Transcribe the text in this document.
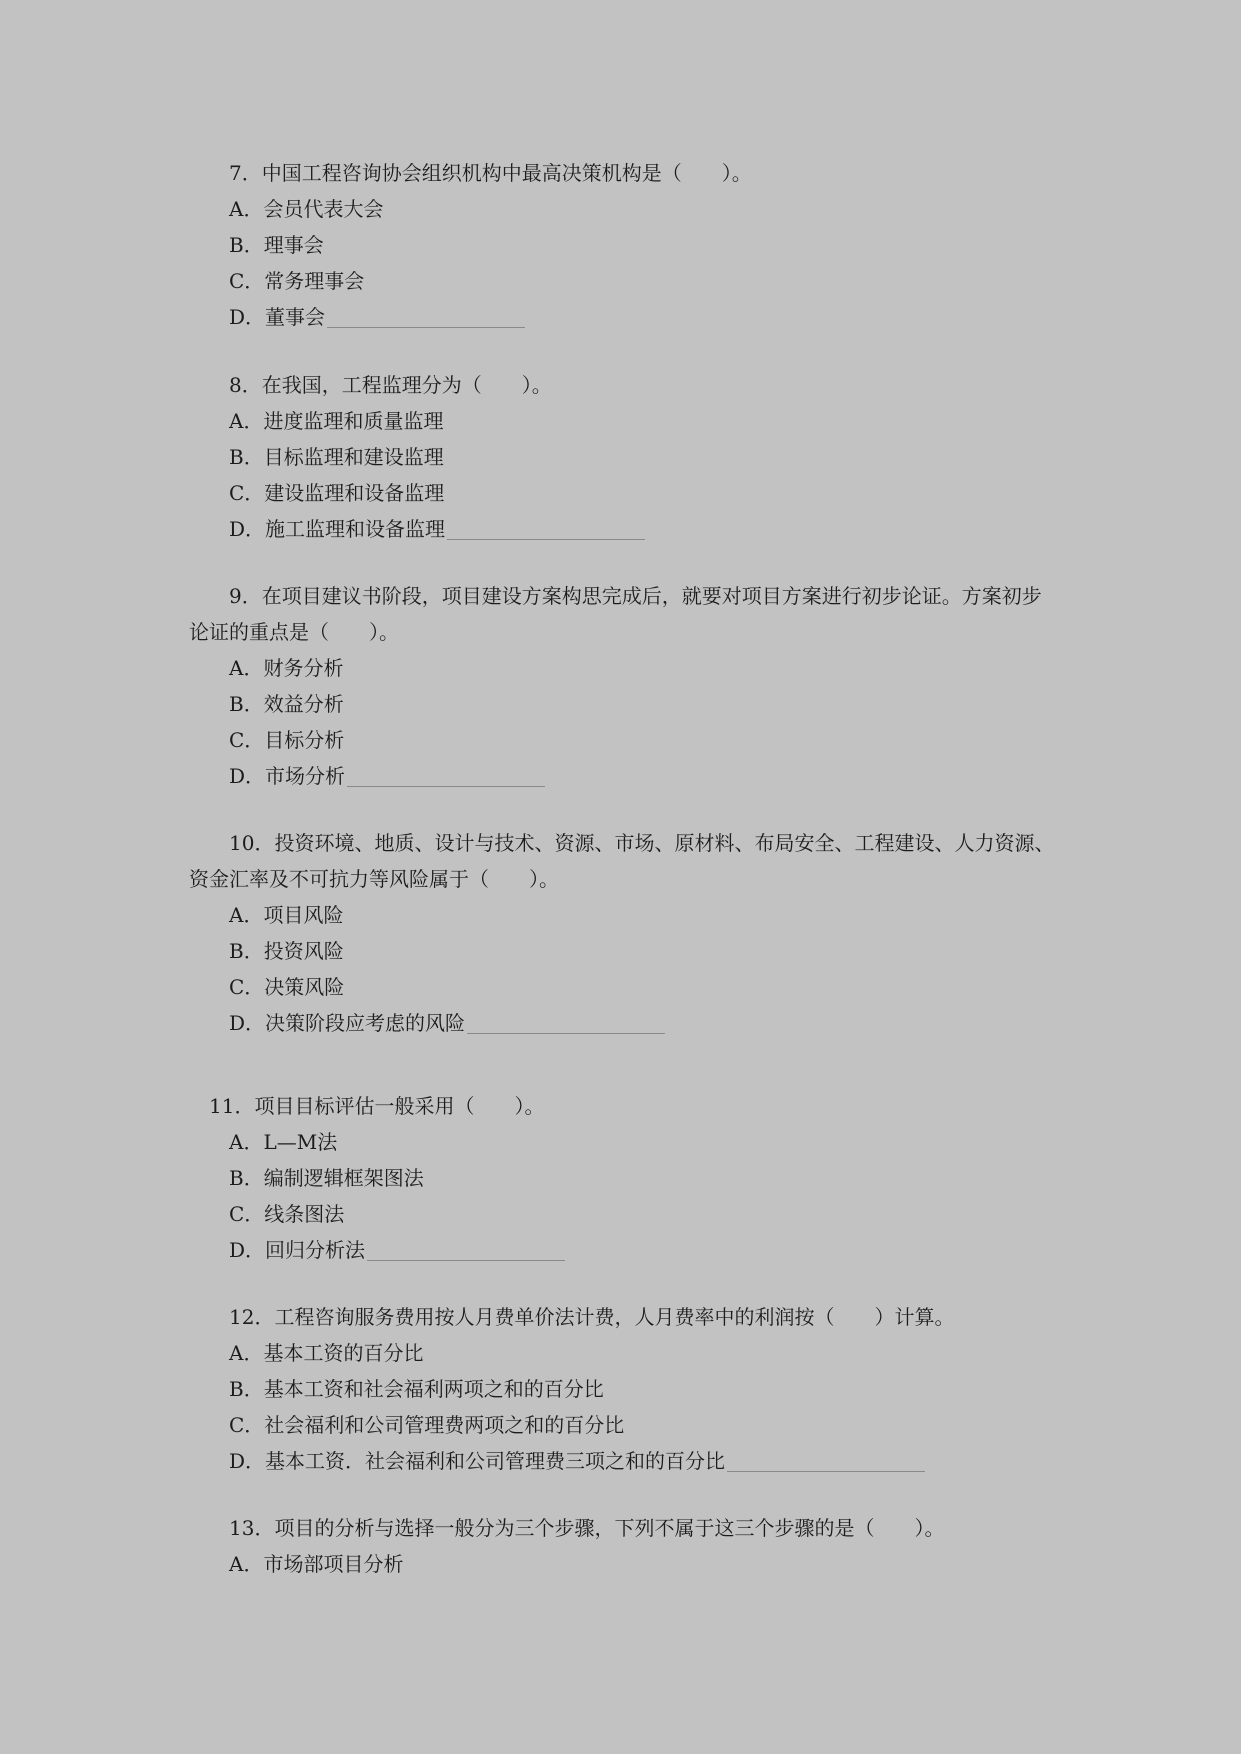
7．中国工程咨询协会组织机构中最高决策机构是（　　）。

A．会员代表大会
B．理事会
C．常务理事会
D．董事会

8．在我国，工程监理分为（　　）。

A．进度监理和质量监理
B．目标监理和建设监理
C．建设监理和设备监理
D．施工监理和设备监理

9．在项目建议书阶段，项目建设方案构思完成后，就要对项目方案进行初步论证。方案初步论证的重点是（　　）。

A．财务分析
B．效益分析
C．目标分析
D．市场分析

10．投资环境、地质、设计与技术、资源、市场、原材料、布局安全、工程建设、人力资源、资金汇率及不可抗力等风险属于（　　）。

A．项目风险
B．投资风险
C．决策风险
D．决策阶段应考虑的风险

11．项目目标评估一般采用（　　）。

A．L—M法
B．编制逻辑框架图法
C．线条图法
D．回归分析法

12．工程咨询服务费用按人月费单价法计费，人月费率中的利润按（　　）计算。

A．基本工资的百分比
B．基本工资和社会福利两项之和的百分比
C．社会福利和公司管理费两项之和的百分比
D．基本工资．社会福利和公司管理费三项之和的百分比

13．项目的分析与选择一般分为三个步骤，下列不属于这三个步骤的是（　　）。

A．市场部项目分析
